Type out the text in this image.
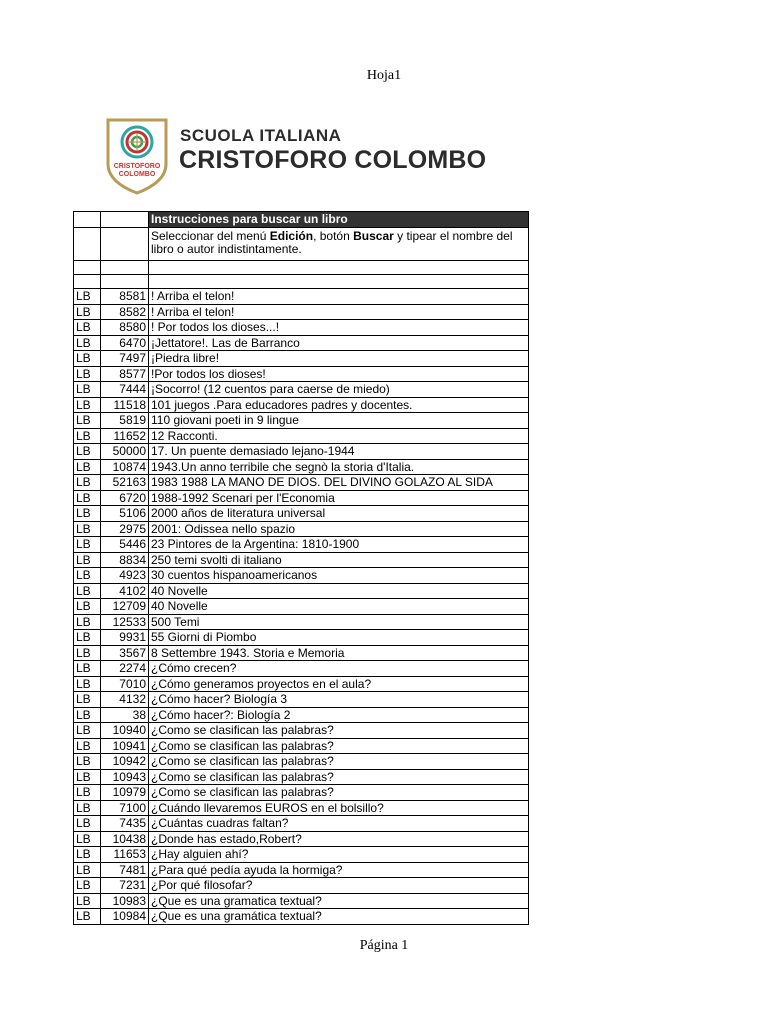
Hoja1
CRISTOFORO
COLOMBO
SCUOLA ITALIANA
CRISTOFORO COLOMBO
		Instrucciones para buscar un libro
		Seleccionar del menú Edición, botón Buscar y tipear el nombre del libro o autor indistintamente.

LB	8581	! Arriba el telon!
LB	8582	! Arriba el telon!
LB	8580	! Por todos los dioses...!
LB	6470	¡Jettatore!. Las de Barranco
LB	7497	¡Piedra libre!
LB	8577	!Por todos los dioses!
LB	7444	¡Socorro! (12 cuentos para caerse de miedo)
LB	11518	101 juegos .Para educadores padres y docentes.
LB	5819	110 giovani poeti in 9 lingue
LB	11652	12 Racconti.
LB	50000	17. Un puente demasiado lejano-1944
LB	10874	1943.Un anno terribile che segnò la storia d'Italia.
LB	52163	1983 1988 LA MANO DE DIOS. DEL DIVINO GOLAZO AL SIDA
LB	6720	1988-1992 Scenari per l'Economia
LB	5106	2000 años de literatura universal
LB	2975	2001: Odissea nello spazio
LB	5446	23 Pintores de la Argentina: 1810-1900
LB	8834	250 temi svolti di italiano
LB	4923	30 cuentos hispanoamericanos
LB	4102	40 Novelle
LB	12709	40 Novelle
LB	12533	500 Temi
LB	9931	55 Giorni di Piombo
LB	3567	8 Settembre 1943. Storia e Memoria
LB	2274	¿Cómo crecen?
LB	7010	¿Cómo generamos proyectos en el aula?
LB	4132	¿Cómo hacer? Biología 3
LB	38	¿Cómo hacer?: Biología 2
LB	10940	¿Como se clasifican las palabras?
LB	10941	¿Como se clasifican las palabras?
LB	10942	¿Como se clasifican las palabras?
LB	10943	¿Como se clasifican las palabras?
LB	10979	¿Como se clasifican las palabras?
LB	7100	¿Cuándo llevaremos EUROS en el bolsillo?
LB	7435	¿Cuántas cuadras faltan?
LB	10438	¿Donde has estado,Robert?
LB	11653	¿Hay alguien ahí?
LB	7481	¿Para qué pedía ayuda la hormiga?
LB	7231	¿Por qué filosofar?
LB	10983	¿Que es una gramatica textual?
LB	10984	¿Que es una gramática textual?
Página 1
